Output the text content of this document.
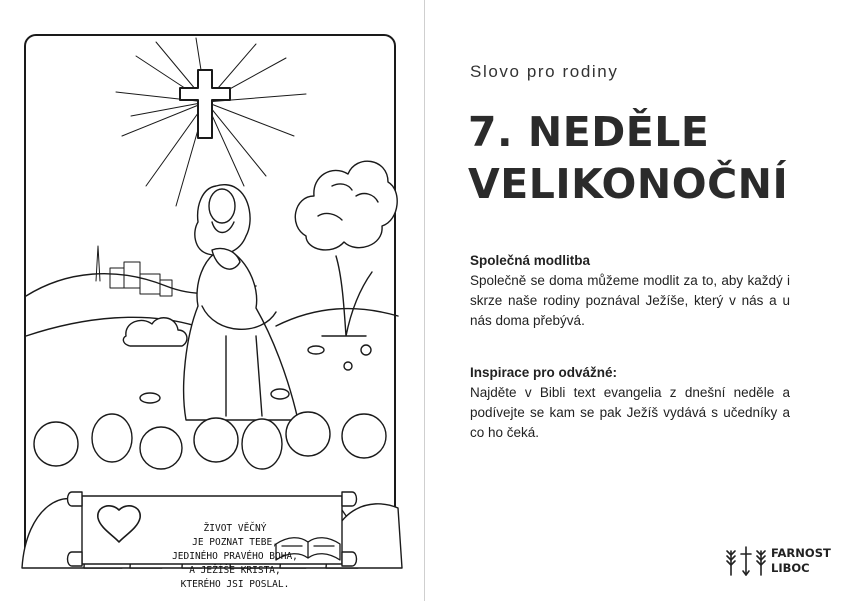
ŽIVOT VĚČNÝ
JE POZNAT TEBE,
JEDINÉHO PRAVÉHO BOHA,
A JEŽÍŠE KRISTA,
KTERÉHO JSI POSLAL.
Slovo pro rodiny
7. NEDĚLE
VELIKONOČNÍ
Společná modlitba

Společně se doma můžeme modlit za to, aby každý i skrze naše rodiny poznával Ježíše, který v nás a u nás doma přebývá.

Inspirace pro odvážné:

Najděte v Bibli text evangelia z dnešní neděle a podívejte se kam se pak Ježíš vydává s učedníky a co ho čeká.

FARNOST
LIBOC
